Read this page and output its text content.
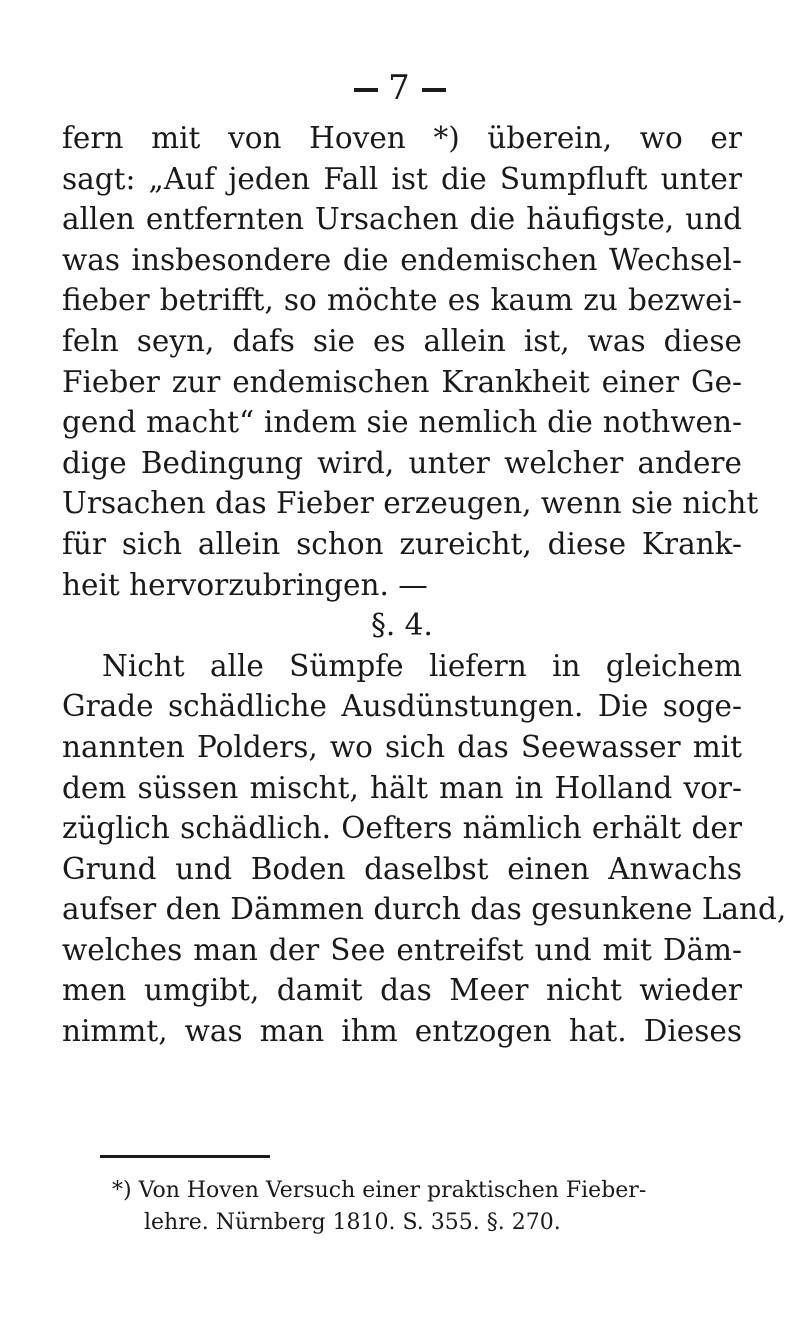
7
fern mit von Hoven *) überein, wo er
sagt: „Auf jeden Fall ist die Sumpfluft unter
allen entfernten Ursachen die häufigste, und
was insbesondere die endemischen Wechsel-
fieber betrifft, so möchte es kaum zu bezwei-
feln seyn, dafs sie es allein ist, was diese
Fieber zur endemischen Krankheit einer Ge-
gend macht“ indem sie nemlich die nothwen-
dige Bedingung wird, unter welcher andere
Ursachen das Fieber erzeugen, wenn sie nicht
für sich allein schon zureicht, diese Krank-
heit hervorzubringen. —
§. 4.
Nicht alle Sümpfe liefern in gleichem
Grade schädliche Ausdünstungen. Die soge-
nannten Polders, wo sich das Seewasser mit
dem süssen mischt, hält man in Holland vor-
züglich schädlich. Oefters nämlich erhält der
Grund und Boden daselbst einen Anwachs
aufser den Dämmen durch das gesunkene Land,
welches man der See entreifst und mit Däm-
men umgibt, damit das Meer nicht wieder
nimmt, was man ihm entzogen hat. Dieses
*) Von Hoven Versuch einer praktischen Fieber-
lehre. Nürnberg 1810. S. 355. §. 270.
